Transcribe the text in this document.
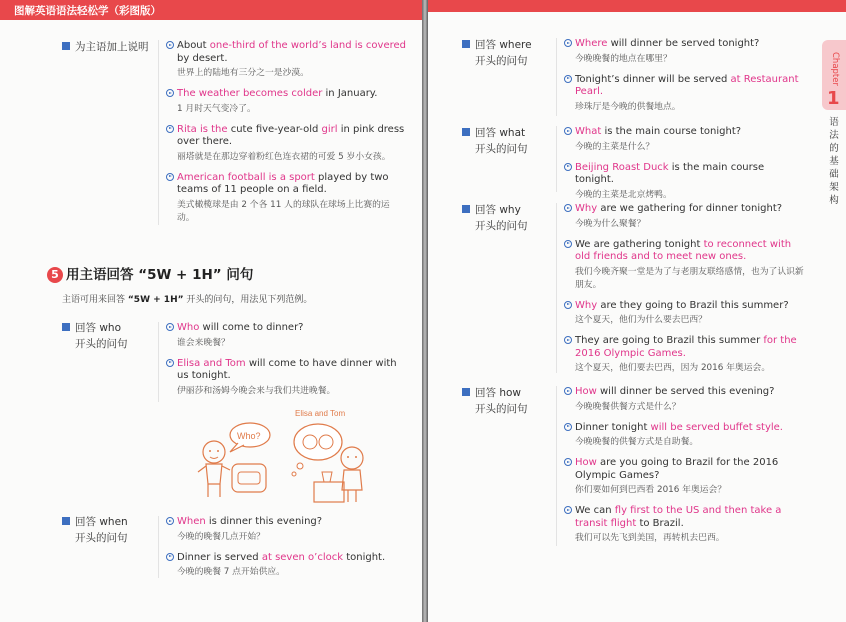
图解英语语法轻松学（彩图版）
为主语加上说明	About one-third of the world’s land is covered by desert.
世界上的陆地有三分之一是沙漠。
The weather becomes colder in January.
1 月时天气变冷了。
Rita is the cute five-year-old girl in pink dress over there.
丽塔就是在那边穿着粉红色连衣裙的可爱 5 岁小女孩。
American football is a sport played by two teams of 11 people on a field.
美式橄榄球是由 2 个各 11 人的球队在球场上比赛的运动。
5 用主语回答 “5W + 1H” 问句
主语可用来回答 “5W + 1H” 开头的问句，用法见下列范例。
回答 who
开头的问句
Who will come to dinner?
谁会来晚餐？
Elisa and Tom will come to have dinner with us tonight.
伊丽莎和汤姆今晚会来与我们共进晚餐。
Elisa and Tom
Who?
回答 when
开头的问句
When is dinner this evening?
今晚的晚餐几点开始？
Dinner is served at seven o’clock tonight.
今晚的晚餐 7 点开始供应。
Chapter
1
语法的基础架构
回答 where
开头的问句
Where will dinner be served tonight?
今晚晚餐的地点在哪里？
Tonight’s dinner will be served at Restaurant Pearl.
珍珠厅是今晚的供餐地点。
回答 what
开头的问句
What is the main course tonight?
今晚的主菜是什么？
Beijing Roast Duck is the main course tonight.
今晚的主菜是北京烤鸭。
回答 why
开头的问句
Why are we gathering for dinner tonight?
今晚为什么聚餐？
We are gathering tonight to reconnect with old friends and to meet new ones.
我们今晚齐聚一堂是为了与老朋友联络感情，也为了认识新朋友。
Why are they going to Brazil this summer?
这个夏天，他们为什么要去巴西？
They are going to Brazil this summer for the 2016 Olympic Games.
这个夏天，他们要去巴西，因为 2016 年奥运会。
回答 how
开头的问句
How will dinner be served this evening?
今晚晚餐供餐方式是什么？
Dinner tonight will be served buffet style.
今晚晚餐的供餐方式是自助餐。
How are you going to Brazil for the 2016 Olympic Games?
你们要如何到巴西看 2016 年奥运会？
We can fly first to the US and then take a transit flight to Brazil.
我们可以先飞到美国，再转机去巴西。
